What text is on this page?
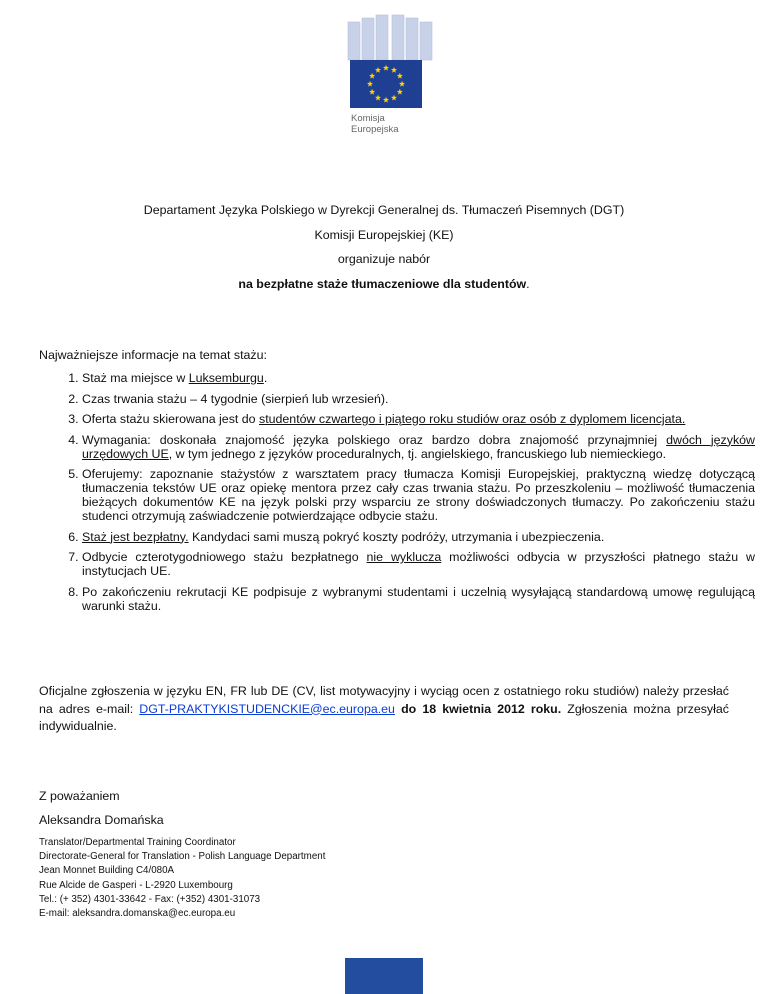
Komisja
Europejska
Departament Języka Polskiego w Dyrekcji Generalnej ds. Tłumaczeń Pisemnych (DGT)
Komisji Europejskiej (KE)
organizuje nabór
na bezpłatne staże tłumaczeniowe dla studentów.
Najważniejsze informacje na temat stażu:
1. Staż ma miejsce w Luksemburgu.
2. Czas trwania stażu – 4 tygodnie (sierpień lub wrzesień).
3. Oferta stażu skierowana jest do studentów czwartego i piątego roku studiów oraz osób z dyplomem licencjata.
4. Wymagania: doskonała znajomość języka polskiego oraz bardzo dobra znajomość przynajmniej dwóch języków urzędowych UE, w tym jednego z języków proceduralnych, tj. angielskiego, francuskiego lub niemieckiego.
5. Oferujemy: zapoznanie stażystów z warsztatem pracy tłumacza Komisji Europejskiej, praktyczną wiedzę dotyczącą tłumaczenia tekstów UE oraz opiekę mentora przez cały czas trwania stażu. Po przeszkoleniu – możliwość tłumaczenia bieżących dokumentów KE na język polski przy wsparciu ze strony doświadczonych tłumaczy. Po zakończeniu stażu studenci otrzymują zaświadczenie potwierdzające odbycie stażu.
6. Staż jest bezpłatny. Kandydaci sami muszą pokryć koszty podróży, utrzymania i ubezpieczenia.
7. Odbycie czterotygodniowego stażu bezpłatnego nie wyklucza możliwości odbycia w przyszłości płatnego stażu w instytucjach UE.
8. Po zakończeniu rekrutacji KE podpisuje z wybranymi studentami i uczelnią wysyłającą standardową umowę regulującą warunki stażu.
Oficjalne zgłoszenia w języku EN, FR lub DE (CV, list motywacyjny i wyciąg ocen z ostatniego roku studiów) należy przesłać na adres e-mail: DGT-PRAKTYKISTUDENCKIE@ec.europa.eu do 18 kwietnia 2012 roku. Zgłoszenia można przesyłać indywidualnie.
Z poważaniem
Aleksandra Domańska
Translator/Departmental Training Coordinator
Directorate-General for Translation - Polish Language Department
Jean Monnet Building C4/080A
Rue Alcide de Gasperi - L-2920 Luxembourg
Tel.: (+ 352) 4301-33642 - Fax: (+352) 4301-31073
E-mail: aleksandra.domanska@ec.europa.eu
